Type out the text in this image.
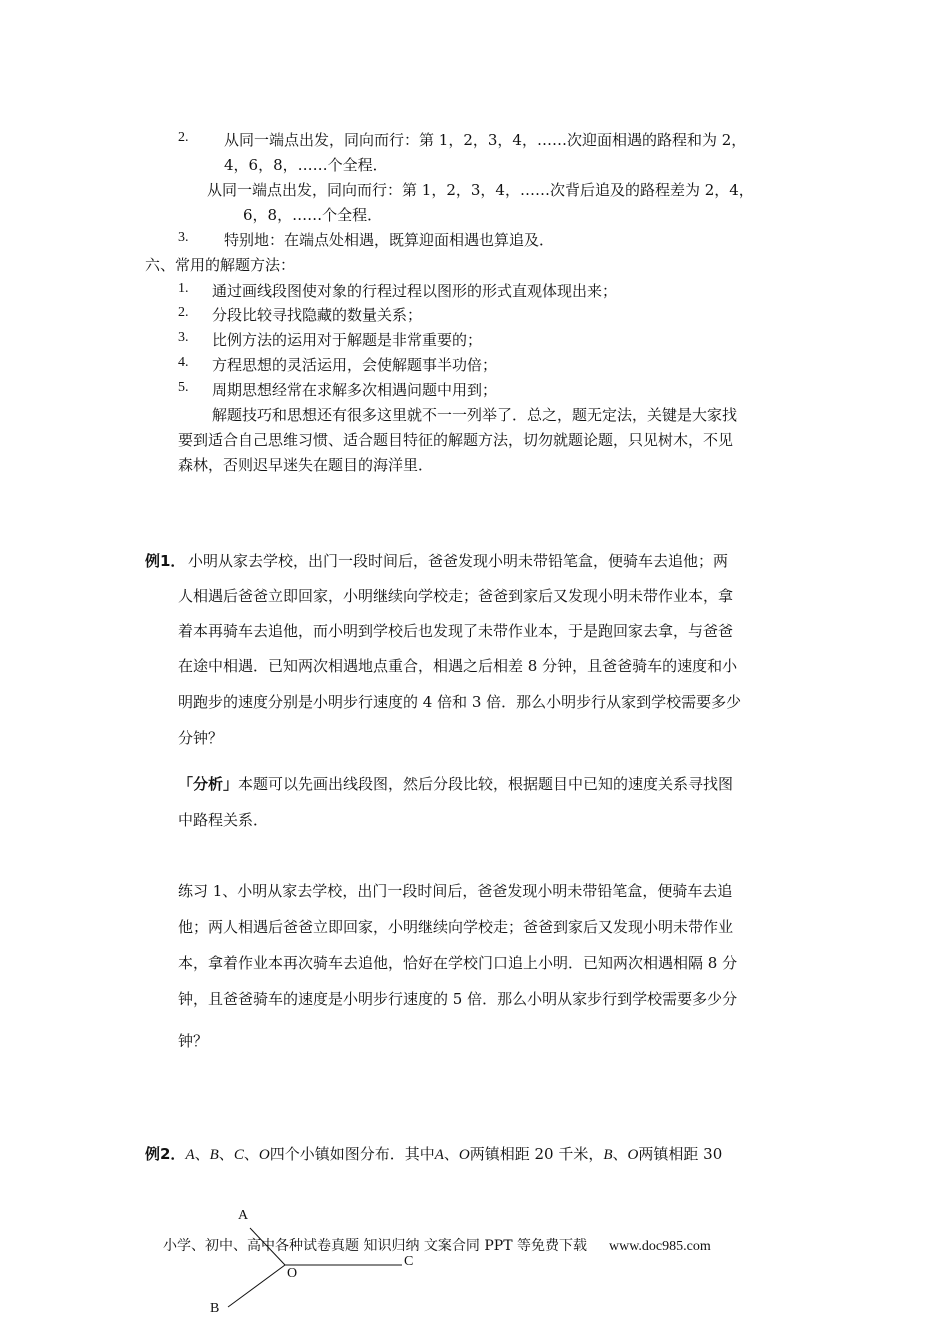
2. 从同一端点出发，同向而行：第 1，2，3，4，……次迎面相遇的路程和为 2，
4，6，8，……个全程．
从同一端点出发，同向而行：第 1，2，3，4，……次背后追及的路程差为 2，4，
6，8，……个全程．
3. 特别地：在端点处相遇，既算迎面相遇也算追及．
六、常用的解题方法：
1. 通过画线段图使对象的行程过程以图形的形式直观体现出来；
2. 分段比较寻找隐藏的数量关系；
3. 比例方法的运用对于解题是非常重要的；
4. 方程思想的灵活运用，会使解题事半功倍；
5. 周期思想经常在求解多次相遇问题中用到；
解题技巧和思想还有很多这里就不一一列举了．总之，题无定法，关键是大家找
要到适合自己思维习惯、适合题目特征的解题方法，切勿就题论题，只见树木，不见
森林，否则迟早迷失在题目的海洋里．
例1． 小明从家去学校，出门一段时间后，爸爸发现小明未带铅笔盒，便骑车去追他；两
人相遇后爸爸立即回家，小明继续向学校走；爸爸到家后又发现小明未带作业本，拿
着本再骑车去追他，而小明到学校后也发现了未带作业本，于是跑回家去拿，与爸爸
在途中相遇．已知两次相遇地点重合，相遇之后相差 8 分钟，且爸爸骑车的速度和小
明跑步的速度分别是小明步行速度的 4 倍和 3 倍．那么小明步行从家到学校需要多少
分钟？
「分析」本题可以先画出线段图，然后分段比较，根据题目中已知的速度关系寻找图
中路程关系．
练习 1、小明从家去学校，出门一段时间后，爸爸发现小明未带铅笔盒，便骑车去追
他；两人相遇后爸爸立即回家，小明继续向学校走；爸爸到家后又发现小明未带作业
本，拿着作业本再次骑车去追他，恰好在学校门口追上小明．已知两次相遇相隔 8 分
钟，且爸爸骑车的速度是小明步行速度的 5 倍．那么小明从家步行到学校需要多少分
钟？
例2．A、B、C、O四个小镇如图分布．其中A、O两镇相距 20 千米，B、O两镇相距 30
A
O
C
B
小学、初中、高中各种试卷真题 知识归纳 文案合同 PPT 等免费下载 www.doc985.com
